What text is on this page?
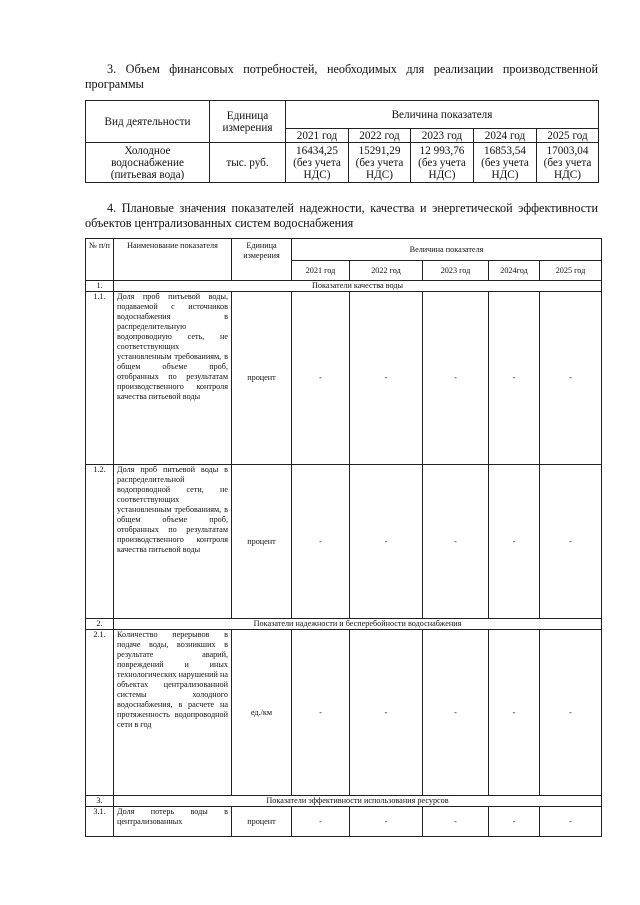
3. Объем финансовых потребностей, необходимых для реализации производственной программы
Вид деятельности	Единица измерения	Величина показателя				
		2021 год	2022 год	2023 год	2024 год	2025 год
Холодное водоснабжение (питьевая вода)	тыс. руб.	16434,25 (без учета НДС)	15291,29 (без учета НДС)	12 993,76 (без учета НДС)	16853,54 (без учета НДС)	17003,04 (без учета НДС)
4. Плановые значения показателей надежности, качества и энергетической эффективности объектов централизованных систем водоснабжения
№ п/п	Наименование показателя	Единица измерения	Величина показателя				
			2021 год	2022 год	2023 год	2024год	2025 год
1.	Показатели качества воды						
1.1.	Доля проб питьевой воды, подаваемой с источников водоснабжения в распределительную водопроводную сеть, не соответствующих установленным требованиям, в общем объеме проб, отобранных по результатам производственного контроля качества питьевой воды	процент	-	-	-	-	-
1.2.	Доля проб питьевой воды в распределительной водопроводной сети, не соответствующих установленным требованиям, в общем объеме проб, отобранных по результатам производственного контроля качества питьевой воды	процент	-	-	-	-	-
2.	Показатели надежности и бесперебойности водоснабжения						
2.1.	Количество перерывов в подаче воды, возникших в результате аварий, повреждений и иных технологических нарушений на объектах централизованной системы холодного водоснабжения, в расчете на протяженность водопроводной сети в год	ед./км	-	-	-	-	-
3.	Показатели эффективности использования ресурсов						
3.1.	Доля потерь воды в централизованных	процент	-	-	-	-	-
